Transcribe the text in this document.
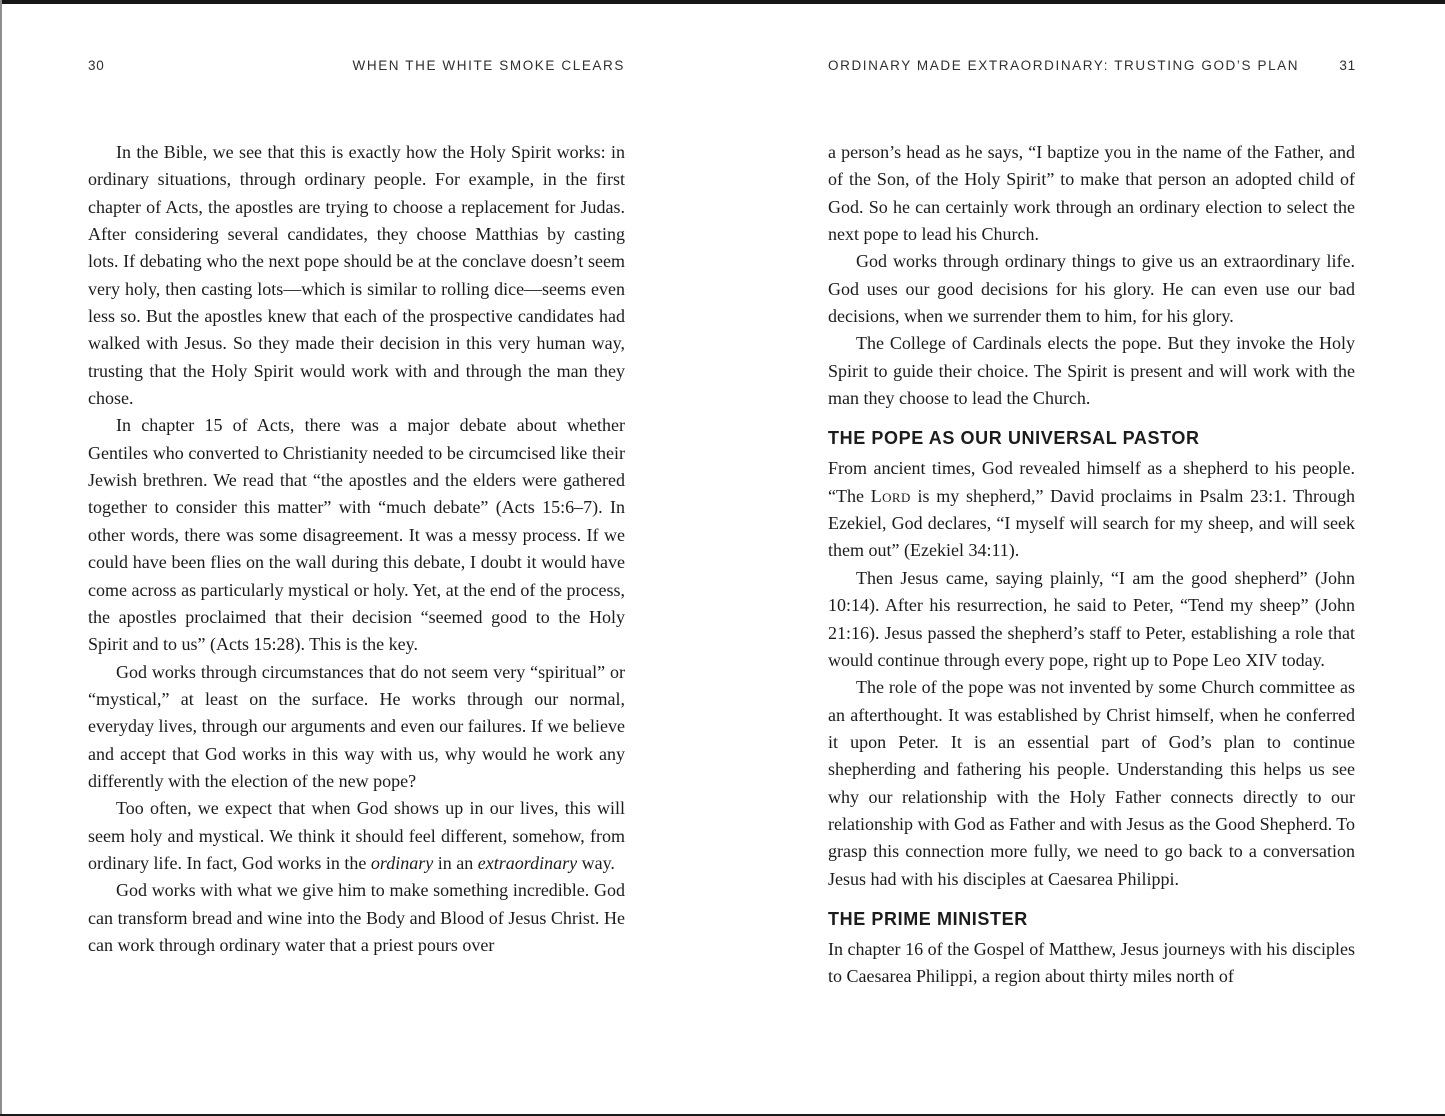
30	WHEN THE WHITE SMOKE CLEARS	ORDINARY MADE EXTRAORDINARY: TRUSTING GOD’S PLAN	31

In the Bible, we see that this is exactly how the Holy Spirit works: in ordinary situations, through ordinary people. For example, in the first chapter of Acts, the apostles are trying to choose a replacement for Judas. After considering several candidates, they choose Matthias by casting lots. If debating who the next pope should be at the conclave doesn’t seem very holy, then casting lots—which is similar to rolling dice—seems even less so. But the apostles knew that each of the prospective candidates had walked with Jesus. So they made their decision in this very human way, trusting that the Holy Spirit would work with and through the man they chose.

In chapter 15 of Acts, there was a major debate about whether Gentiles who converted to Christianity needed to be circumcised like their Jewish brethren. We read that “the apostles and the elders were gathered together to consider this matter” with “much debate” (Acts 15:6–7). In other words, there was some disagreement. It was a messy process. If we could have been flies on the wall during this debate, I doubt it would have come across as particularly mystical or holy. Yet, at the end of the process, the apostles proclaimed that their decision “seemed good to the Holy Spirit and to us” (Acts 15:28). This is the key.

God works through circumstances that do not seem very “spiritual” or “mystical,” at least on the surface. He works through our normal, everyday lives, through our arguments and even our failures. If we believe and accept that God works in this way with us, why would he work any differently with the election of the new pope?

Too often, we expect that when God shows up in our lives, this will seem holy and mystical. We think it should feel different, somehow, from ordinary life. In fact, God works in the ordinary in an extraordinary way.

God works with what we give him to make something incredible. God can transform bread and wine into the Body and Blood of Jesus Christ. He can work through ordinary water that a priest pours over

a person’s head as he says, “I baptize you in the name of the Father, and of the Son, of the Holy Spirit” to make that person an adopted child of God. So he can certainly work through an ordinary election to select the next pope to lead his Church.

God works through ordinary things to give us an extraordinary life. God uses our good decisions for his glory. He can even use our bad decisions, when we surrender them to him, for his glory.

The College of Cardinals elects the pope. But they invoke the Holy Spirit to guide their choice. The Spirit is present and will work with the man they choose to lead the Church.

THE POPE AS OUR UNIVERSAL PASTOR

From ancient times, God revealed himself as a shepherd to his people. “The Lord is my shepherd,” David proclaims in Psalm 23:1. Through Ezekiel, God declares, “I myself will search for my sheep, and will seek them out” (Ezekiel 34:11).

Then Jesus came, saying plainly, “I am the good shepherd” (John 10:14). After his resurrection, he said to Peter, “Tend my sheep” (John 21:16). Jesus passed the shepherd’s staff to Peter, establishing a role that would continue through every pope, right up to Pope Leo XIV today.

The role of the pope was not invented by some Church committee as an afterthought. It was established by Christ himself, when he conferred it upon Peter. It is an essential part of God’s plan to continue shepherding and fathering his people. Understanding this helps us see why our relationship with the Holy Father connects directly to our relationship with God as Father and with Jesus as the Good Shepherd. To grasp this connection more fully, we need to go back to a conversation Jesus had with his disciples at Caesarea Philippi.

THE PRIME MINISTER

In chapter 16 of the Gospel of Matthew, Jesus journeys with his disciples to Caesarea Philippi, a region about thirty miles north of
